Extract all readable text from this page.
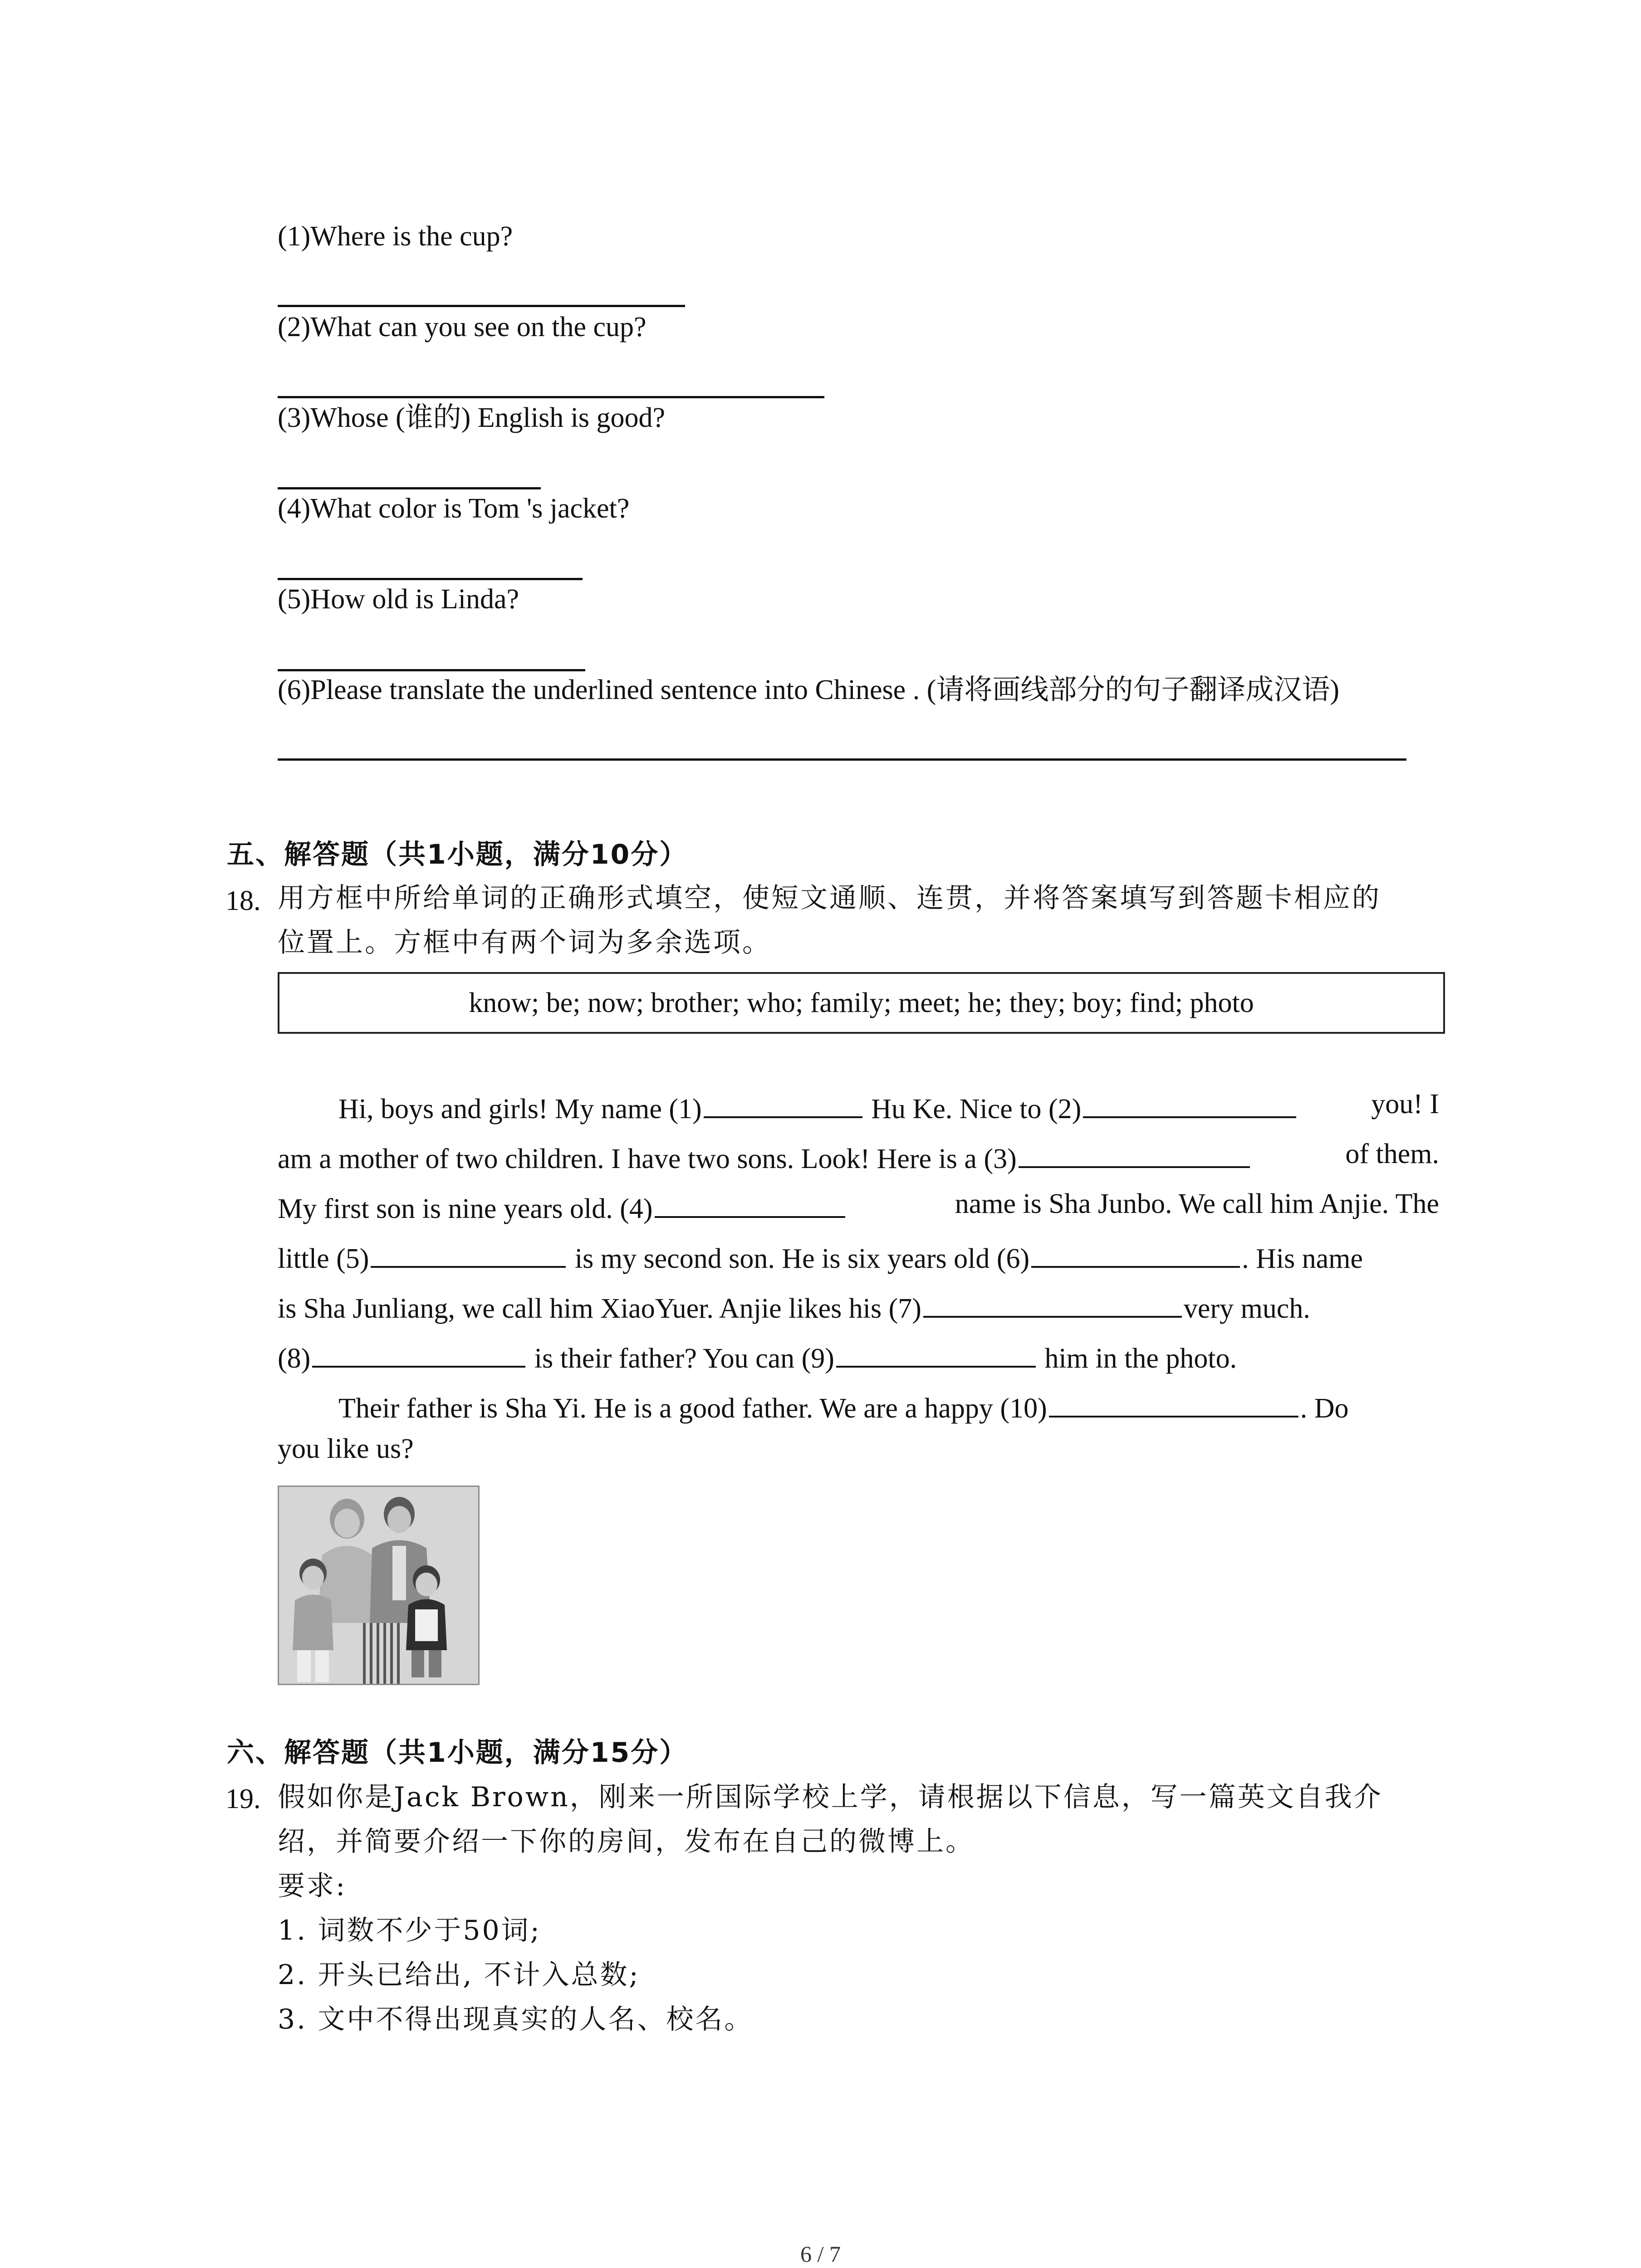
(1)Where is the cup?
(2)What can you see on the cup?
(3)Whose (谁的) English is good?
(4)What color is Tom 's jacket?
(5)How old is Linda?
(6)Please translate the underlined sentence into Chinese . (请将画线部分的句子翻译成汉语)
五、解答题（共1小题，满分10分）
18. 用方框中所给单词的正确形式填空，使短文通顺、连贯，并将答案填写到答题卡相应的
位置上。方框中有两个词为多余选项。
know; be; now; brother; who; family; meet; he; they; boy; find; photo
Hi, boys and girls! My name (1)	Hu Ke. Nice to (2)	you! I
am a mother of two children. I have two sons. Look! Here is a (3)	of them.
My first son is nine years old. (4)	name is Sha Junbo. We call him Anjie. The
little (5)	is my second son. He is six years old (6)	. His name
is Sha Junliang, we call him XiaoYuer. Anjie likes his (7)	very much.
(8)	is their father? You can (9)	him in the photo.
Their father is Sha Yi. He is a good father. We are a happy (10)	. Do
you like us?
六、解答题（共1小题，满分15分）
19. 假如你是Jack Brown，刚来一所国际学校上学，请根据以下信息，写一篇英文自我介
绍，并简要介绍一下你的房间，发布在自己的微博上。
要求:
1. 词数不少于50词;
2. 开头已给出, 不计入总数;
3. 文中不得出现真实的人名、校名。
6 / 7
